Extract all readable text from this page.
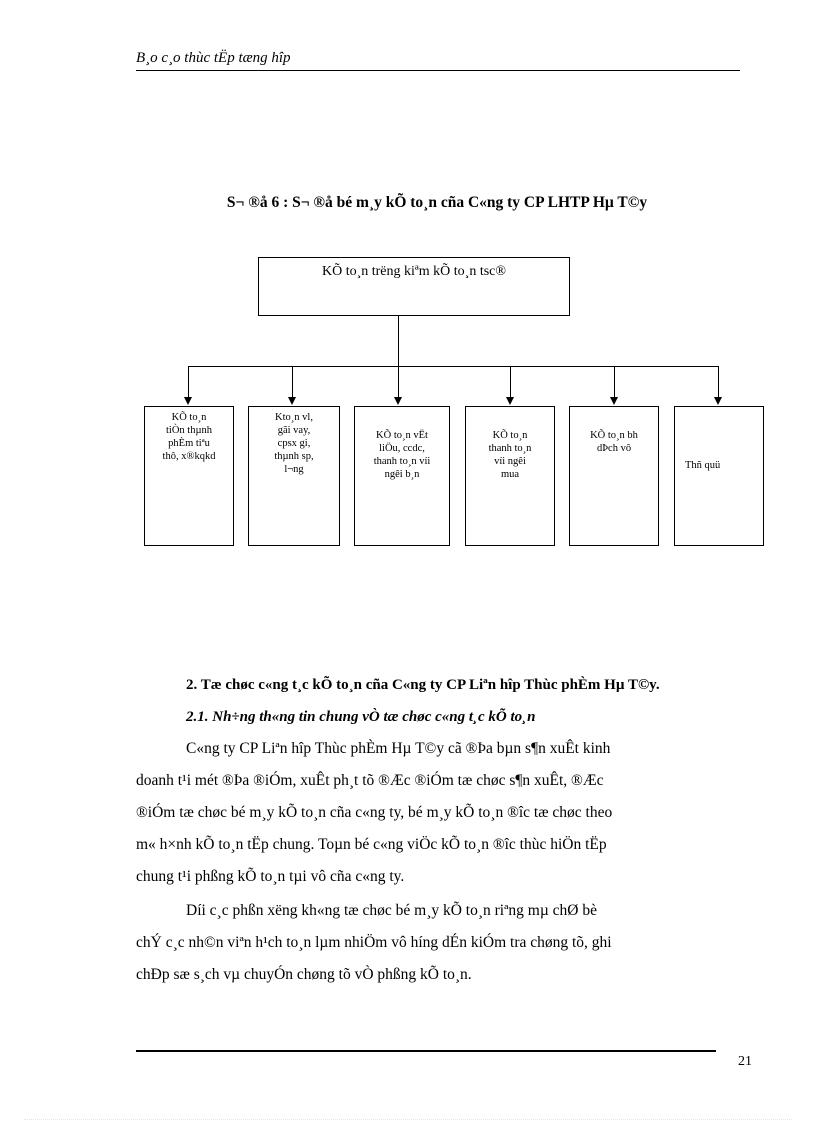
B¸o c¸o thùc tËp tæng hîp
S¬ ®å 6 : S¬ ®å bé m¸y kÕ to¸n cña C«ng ty CP LHTP Hµ T©y
KÕ to¸n trëng kiªm kÕ to¸n tsc®
KÕ to¸n
tiÒn thµnh
phÈm tiªu
thô, x®kqkd
Kto¸n vl,
gãi vay,
cpsx gi,
thµnh sp,
l¬ng
KÕ to¸n vËt
liÖu, ccdc,
thanh to¸n víi
ngêi b¸n
KÕ to¸n
thanh to¸n
víi ngêi
mua
KÕ to¸n bh
dÞch vô
Thñ quü
2. Tæ chøc c«ng t¸c kÕ to¸n cña C«ng ty CP Liªn hîp Thùc phÈm Hµ T©y.
2.1. Nh÷ng th«ng tin chung vÒ tæ chøc c«ng t¸c kÕ to¸n
C«ng ty CP Liªn hîp Thùc phÈm Hµ T©y cã ®Þa bµn s¶n xuÊt kinh
doanh t¹i mét ®Þa ®iÓm, xuÊt ph¸t tõ ®Æc ®iÓm tæ chøc s¶n xuÊt, ®Æc
®iÓm tæ chøc bé m¸y kÕ to¸n cña c«ng ty, bé m¸y kÕ to¸n ®îc tæ chøc theo
m« h×nh kÕ to¸n tËp chung. Toµn bé c«ng viÖc kÕ to¸n ®îc thùc hiÖn tËp
chung t¹i phßng kÕ to¸n tµi vô cña c«ng ty.
Díi c¸c phßn xëng kh«ng tæ chøc bé m¸y kÕ to¸n riªng mµ chØ bè
chÝ c¸c nh©n viªn h¹ch to¸n lµm nhiÖm vô híng dÉn kiÓm tra chøng tõ, ghi
chÐp sæ s¸ch vµ chuyÓn chøng tõ vÒ phßng kÕ to¸n.
21
